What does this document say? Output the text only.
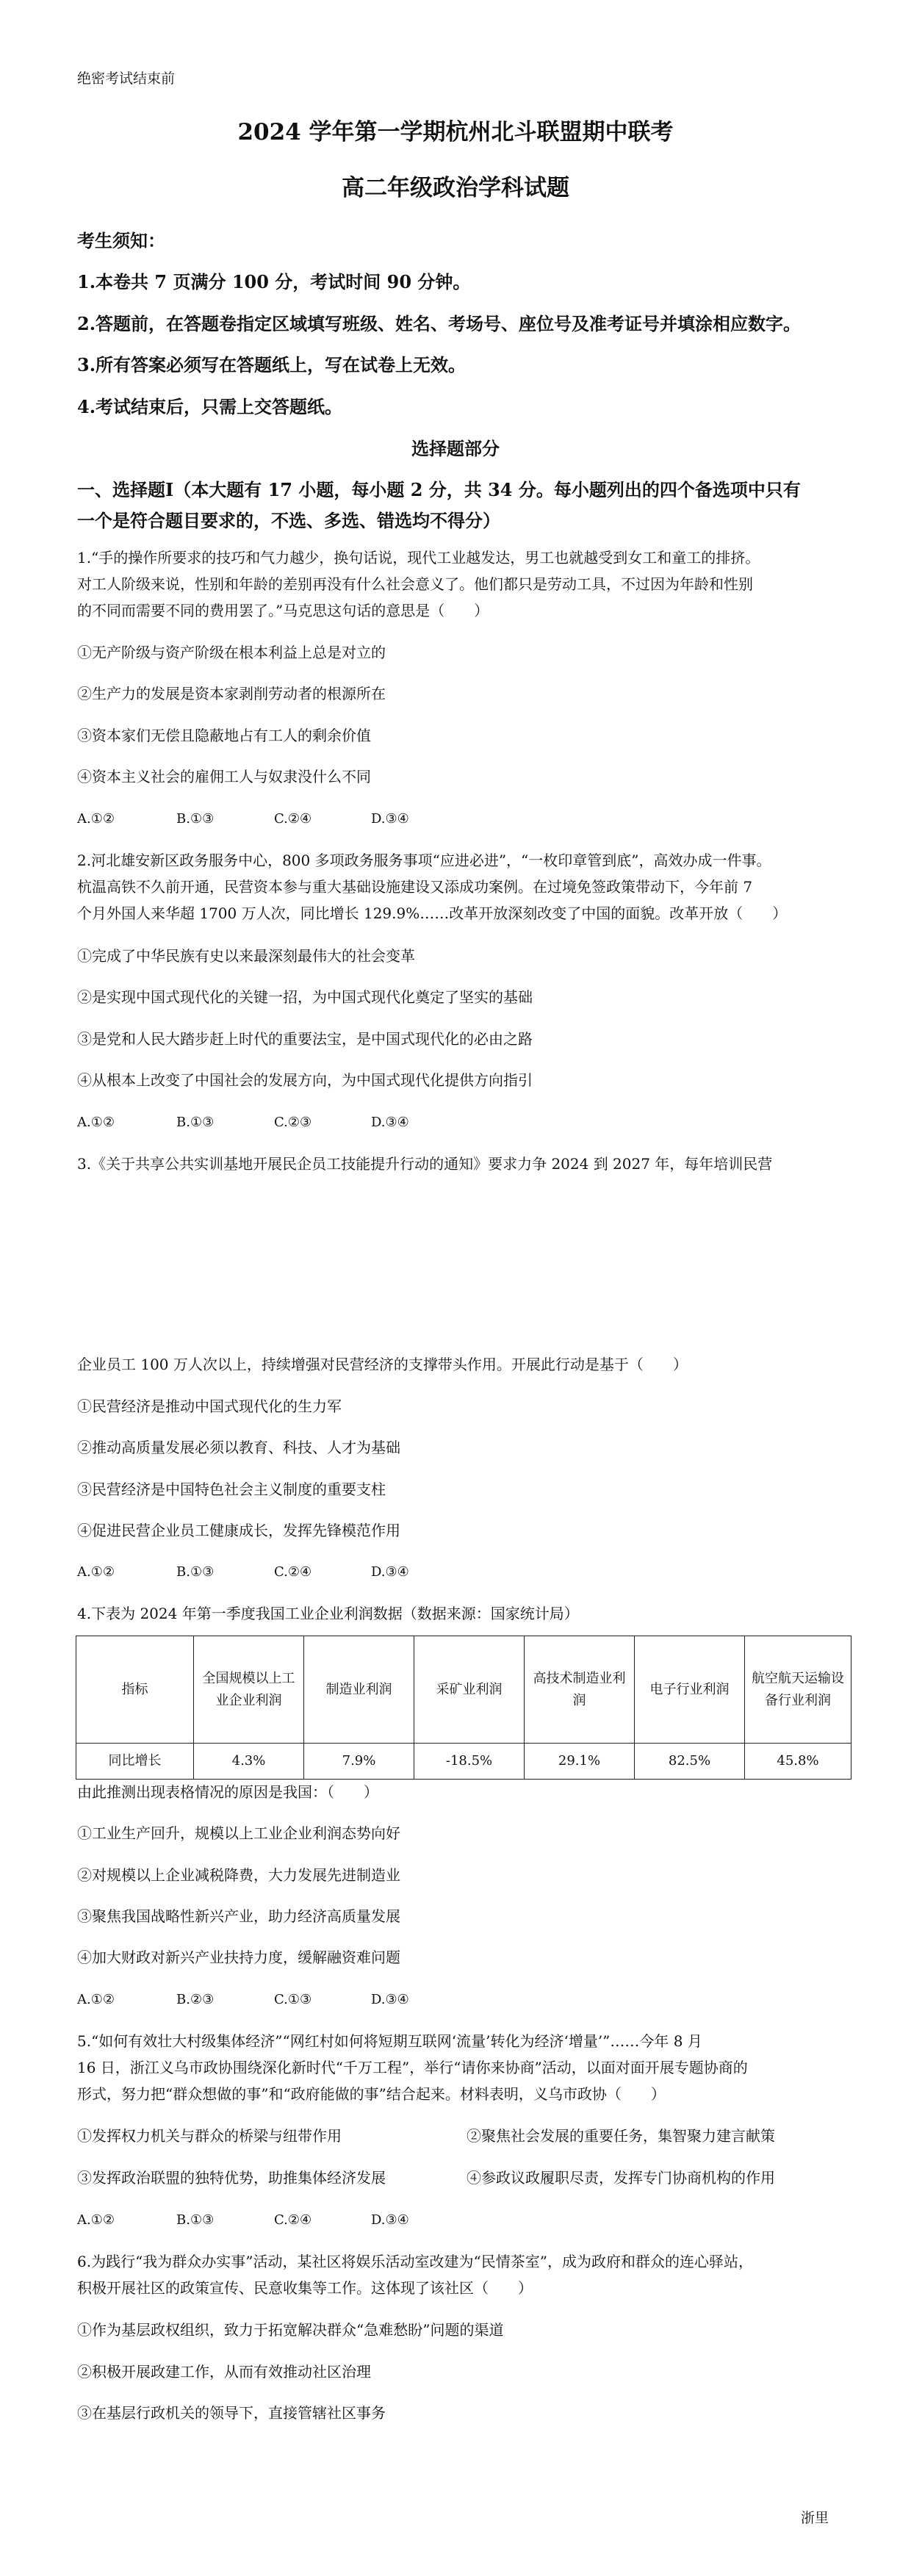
绝密考试结束前
2024 学年第一学期杭州北斗联盟期中联考
高二年级政治学科试题
考生须知：
1.本卷共 7 页满分 100 分，考试时间 90 分钟。
2.答题前，在答题卷指定区域填写班级、姓名、考场号、座位号及准考证号并填涂相应数字。
3.所有答案必须写在答题纸上，写在试卷上无效。
4.考试结束后，只需上交答题纸。
选择题部分
一、选择题Ⅰ（本大题有 17 小题，每小题 2 分，共 34 分。每小题列出的四个备选项中只有
一个是符合题目要求的，不选、多选、错选均不得分）
1.“手的操作所要求的技巧和气力越少，换句话说，现代工业越发达，男工也就越受到女工和童工的排挤。
对工人阶级来说，性别和年龄的差别再没有什么社会意义了。他们都只是劳动工具，不过因为年龄和性别
的不同而需要不同的费用罢了。”马克思这句话的意思是（　　）
①无产阶级与资产阶级在根本利益上总是对立的
②生产力的发展是资本家剥削劳动者的根源所在
③资本家们无偿且隐蔽地占有工人的剩余价值
④资本主义社会的雇佣工人与奴隶没什么不同
A.①②	B.①③	C.②④	D.③④
2.河北雄安新区政务服务中心，800 多项政务服务事项“应进必进”，“一枚印章管到底”，高效办成一件事。
杭温高铁不久前开通，民营资本参与重大基础设施建设又添成功案例。在过境免签政策带动下，今年前 7
个月外国人来华超 1700 万人次，同比增长 129.9%……改革开放深刻改变了中国的面貌。改革开放（　　）
①完成了中华民族有史以来最深刻最伟大的社会变革
②是实现中国式现代化的关键一招，为中国式现代化奠定了坚实的基础
③是党和人民大踏步赶上时代的重要法宝，是中国式现代化的必由之路
④从根本上改变了中国社会的发展方向，为中国式现代化提供方向指引
A.①②	B.①③	C.②③	D.③④
3.《关于共享公共实训基地开展民企员工技能提升行动的通知》要求力争 2024 到 2027 年，每年培训民营
企业员工 100 万人次以上，持续增强对民营经济的支撑带头作用。开展此行动是基于（　　）
①民营经济是推动中国式现代化的生力军
②推动高质量发展必须以教育、科技、人才为基础
③民营经济是中国特色社会主义制度的重要支柱
④促进民营企业员工健康成长，发挥先锋模范作用
A.①②	B.①③	C.②④	D.③④
4.下表为 2024 年第一季度我国工业企业利润数据（数据来源：国家统计局）
指标	全国规模以上工业企业利润	制造业利润	采矿业利润	高技术制造业利润	电子行业利润	航空航天运输设备行业利润
同比增长	4.3%	7.9%	-18.5%	29.1%	82.5%	45.8%
由此推测出现表格情况的原因是我国：（　　）
①工业生产回升，规模以上工业企业利润态势向好
②对规模以上企业减税降费，大力发展先进制造业
③聚焦我国战略性新兴产业，助力经济高质量发展
④加大财政对新兴产业扶持力度，缓解融资难问题
A.①②	B.②③	C.①③	D.③④
5.“如何有效壮大村级集体经济”“网红村如何将短期互联网‘流量’转化为经济‘增量’”……今年 8 月
16 日，浙江义乌市政协围绕深化新时代“千万工程”，举行“请你来协商”活动，以面对面开展专题协商的
形式，努力把“群众想做的事”和“政府能做的事”结合起来。材料表明，义乌市政协（　　）
①发挥权力机关与群众的桥梁与纽带作用	②聚焦社会发展的重要任务，集智聚力建言献策
③发挥政治联盟的独特优势，助推集体经济发展	④参政议政履职尽责，发挥专门协商机构的作用
A.①②	B.①③	C.②④	D.③④
6.为践行“我为群众办实事”活动，某社区将娱乐活动室改建为“民情茶室”，成为政府和群众的连心驿站，
积极开展社区的政策宣传、民意收集等工作。这体现了该社区（　　）
①作为基层政权组织，致力于拓宽解决群众“急难愁盼”问题的渠道
②积极开展政建工作，从而有效推动社区治理
③在基层行政机关的领导下，直接管辖社区事务
浙里
